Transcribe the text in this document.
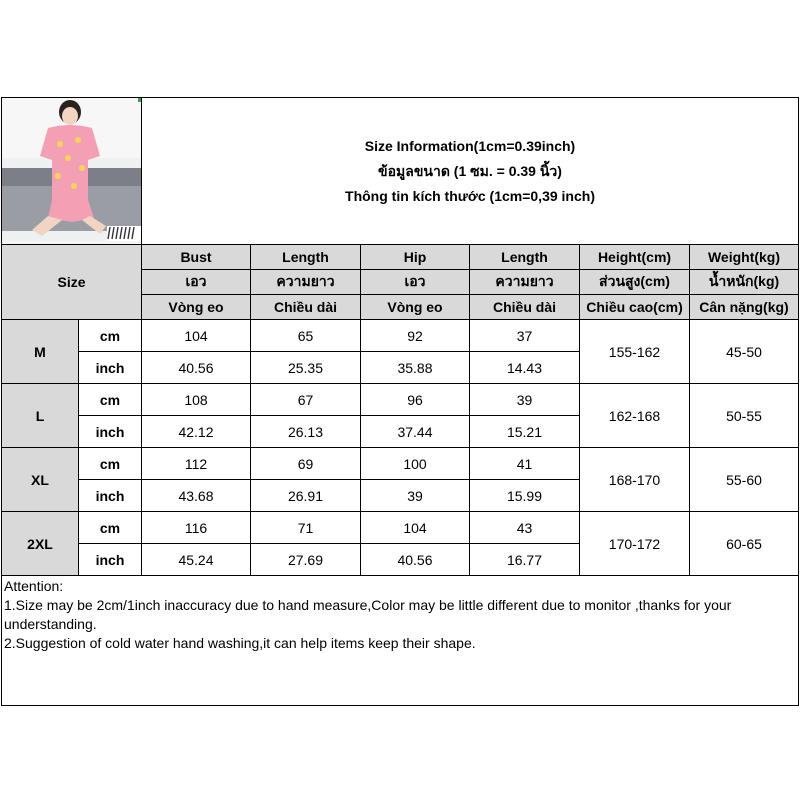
Size Information(1cm=0.39inch)
ข้อมูลขนาด (1 ซม. = 0.39 นิ้ว)
Thông tin kích thước (1cm=0,39 inch)					

Size		Bust	Length	Hip	Length	Height(cm)	Weight(kg)
		เอว	ความยาว	เอว	ความยาว	ส่วนสูง(cm)	น้ำหนัก(kg)
		Vòng eo	Chiều dài	Vòng eo	Chiều dài	Chiều cao(cm)	Cân nặng(kg)
M	cm	104	65	92	37	155-162	45-50
	inch	40.56	25.35	35.88	14.43		
L	cm	108	67	96	39	162-168	50-55
	inch	42.12	26.13	37.44	15.21		
XL	cm	112	69	100	41	168-170	55-60
	inch	43.68	26.91	39	15.99		
2XL	cm	116	71	104	43	170-172	60-65
	inch	45.24	27.69	40.56	16.77		

Attention:
1.Size may be 2cm/1inch inaccuracy due to hand measure,Color may be little different due to monitor ,thanks for your understanding.
2.Suggestion of cold water hand washing,it can help items keep their shape.							
